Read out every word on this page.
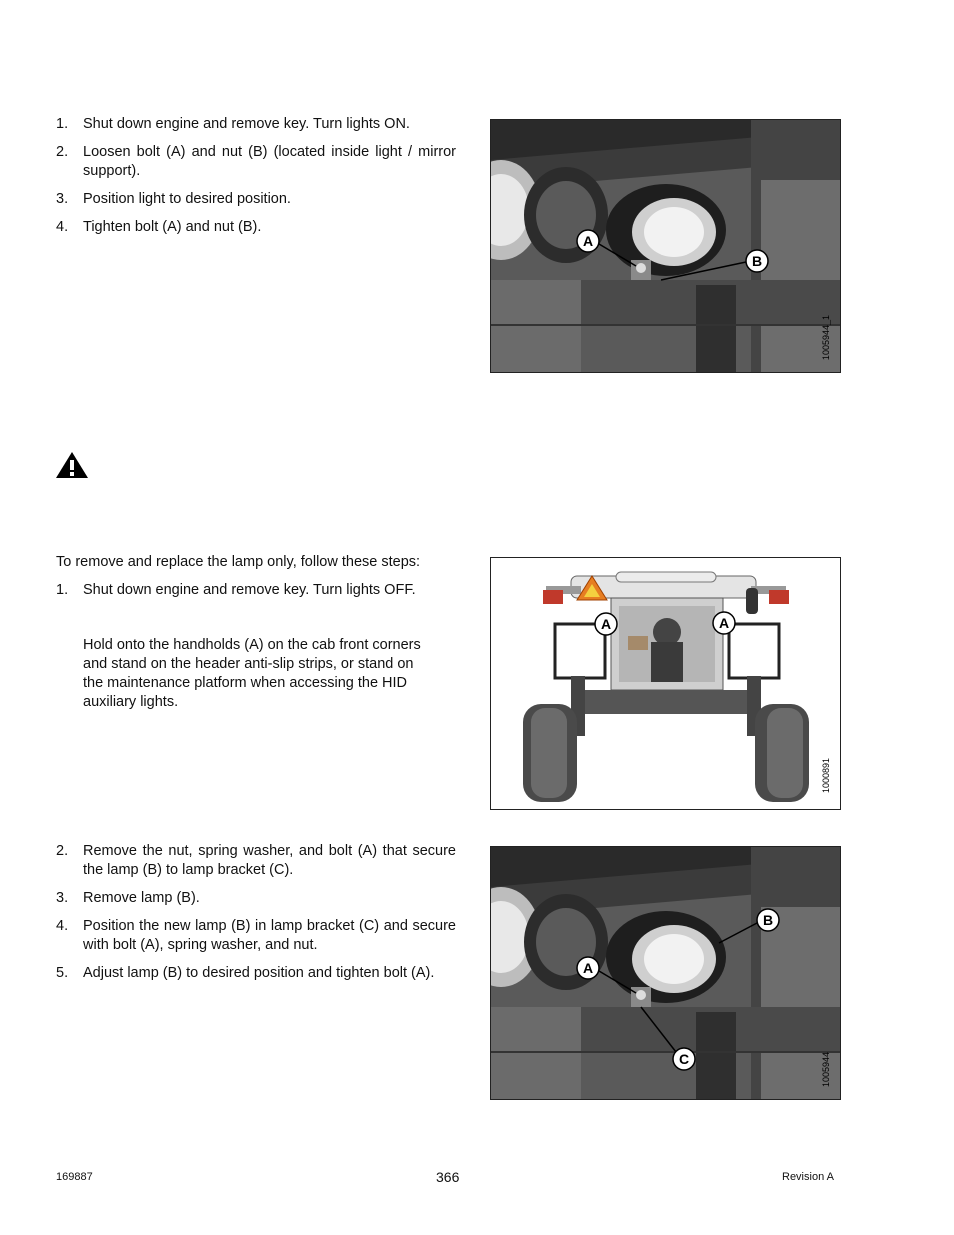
1.	Shut down engine and remove key. Turn lights ON.
2.	Loosen bolt (A) and nut (B) (located inside light / mirror support).
3.	Position light to desired position.
4.	Tighten bolt (A) and nut (B).
A
B
1005944_1
To remove and replace the lamp only, follow these steps:
1.	Shut down engine and remove key. Turn lights OFF.
Hold onto the handholds (A) on the cab front corners and stand on the header anti-slip strips, or stand on the maintenance platform when accessing the HID auxiliary lights.
A	A
1000891
2.	Remove the nut, spring washer, and bolt (A) that secure the lamp (B) to lamp bracket (C).
3.	Remove lamp (B).
4.	Position the new lamp (B) in lamp bracket (C) and secure with bolt (A), spring washer, and nut.
5.	Adjust lamp (B) to desired position and tighten bolt (A).	A
B
C	1005944
169887	366	Revision A
